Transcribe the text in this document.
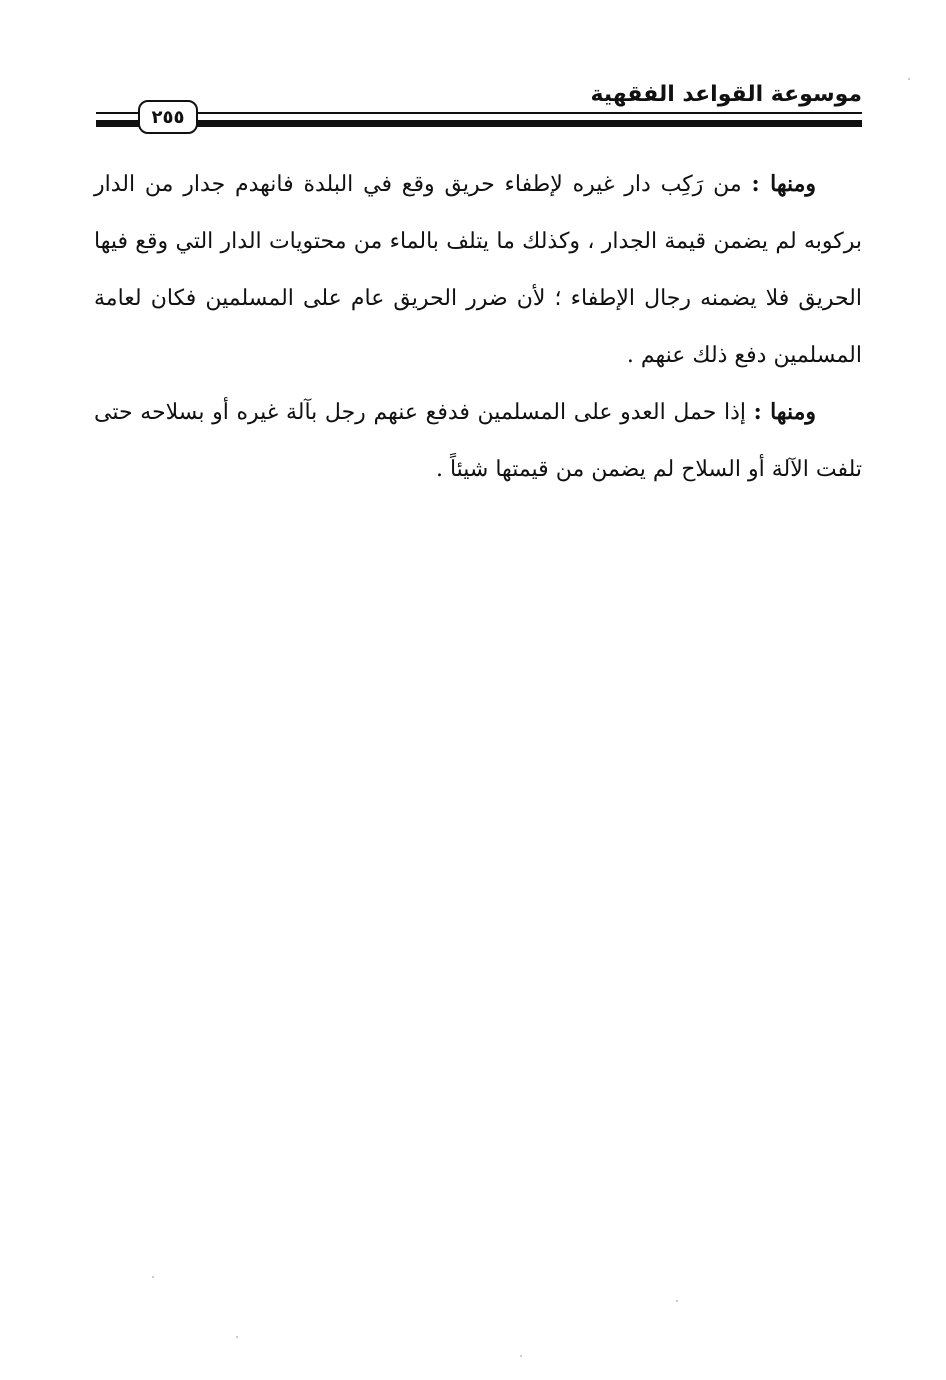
موسوعة القواعد الفقهية
٢٥٥

ومنها : من رَكِب دار غيره لإطفاء حريق وقع في البلدة فانهدم جدار من الدار بركوبه لم يضمن قيمة الجدار ، وكذلك ما يتلف بالماء من محتويات الدار التي وقع فيها الحريق فلا يضمنه رجال الإطفاء ؛ لأن ضرر الحريق عام على المسلمين فكان لعامة المسلمين دفع ذلك عنهم .

ومنها : إذا حمل العدو على المسلمين فدفع عنهم رجل بآلة غيره أو بسلاحه حتى تلفت الآلة أو السلاح لم يضمن من قيمتها شيئاً .
